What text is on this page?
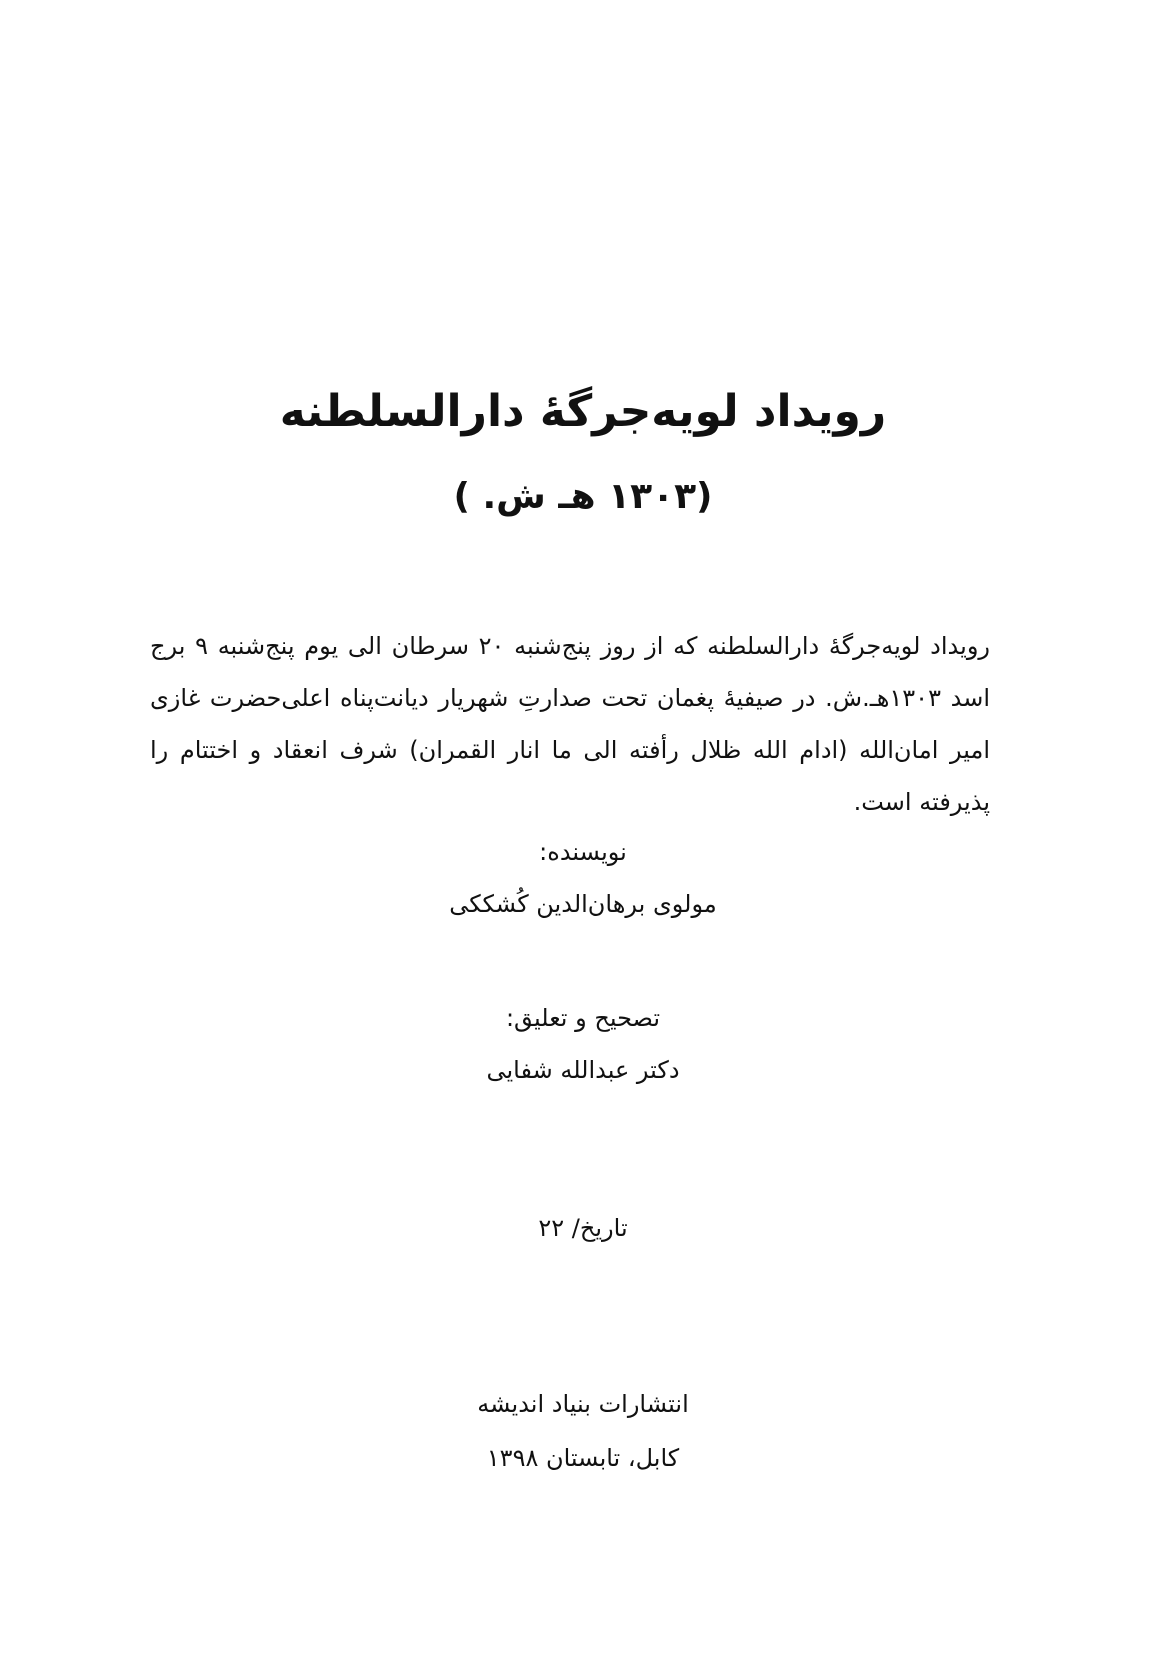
رویداد لویه‌جرگهٔ دارالسلطنه
(۱۳۰۳ هـ ش. )
رویداد لویه‌جرگهٔ دارالسلطنه که از روز پنج‌شنبه ۲۰ سرطان الی یوم پنج‌شنبه ۹ برج اسد ۱۳۰۳هـ.ش. در صیفیهٔ پغمان تحت صدارتِ شهریار دیانت‌پناه اعلی‌حضرت غازی امیر امان‌الله (ادام الله ظلال رأفته الی ما انار القمران) شرف انعقاد و اختتام را پذیرفته است.
نویسنده:
مولوی برهان‌الدین کُشککی
تصحیح و تعلیق:
دکتر عبدالله شفایی
تاریخ/ ۲۲
انتشارات بنیاد اندیشه
کابل، تابستان ۱۳۹۸
